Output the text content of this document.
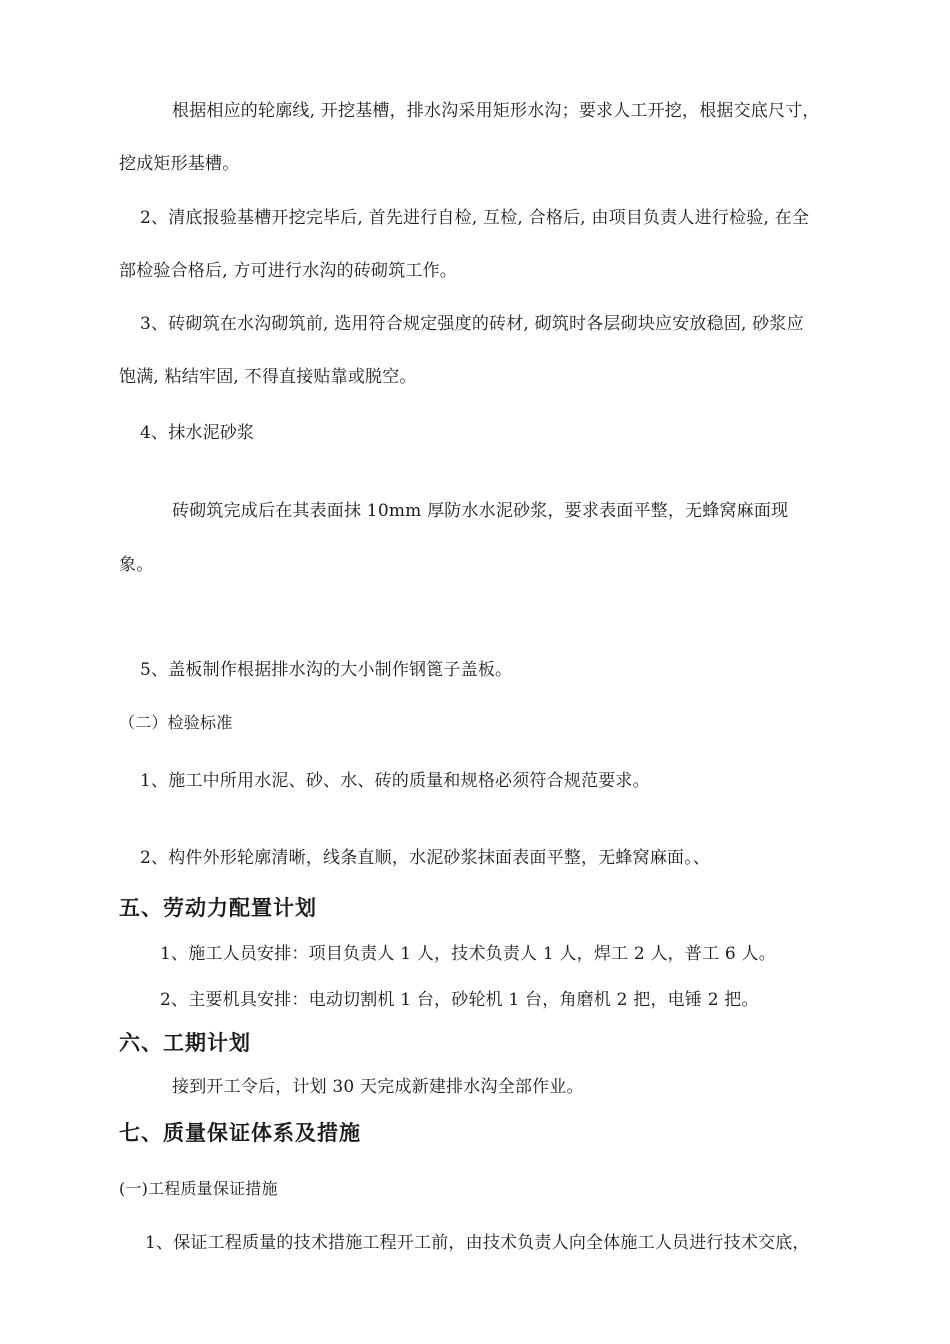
根据相应的轮廓线, 开挖基槽，排水沟采用矩形水沟；要求人工开挖，根据交底尺寸，
挖成矩形基槽。
2、清底报验基槽开挖完毕后, 首先进行自检, 互检, 合格后, 由项目负责人进行检验, 在全
部检验合格后, 方可进行水沟的砖砌筑工作。
3、砖砌筑在水沟砌筑前, 选用符合规定强度的砖材, 砌筑时各层砌块应安放稳固, 砂浆应
饱满, 粘结牢固, 不得直接贴靠或脱空。
4、抹水泥砂浆
砖砌筑完成后在其表面抹 10mm 厚防水水泥砂浆，要求表面平整，无蜂窝麻面现
象。
5、盖板制作根据排水沟的大小制作钢篦子盖板。
（二）检验标准
1、施工中所用水泥、砂、水、砖的质量和规格必须符合规范要求。
2、构件外形轮廓清晰，线条直顺，水泥砂浆抹面表面平整，无蜂窝麻面。、
五、劳动力配置计划
1、施工人员安排：项目负责人 1 人，技术负责人 1 人，焊工 2 人，普工 6 人。
2、主要机具安排：电动切割机 1 台，砂轮机 1 台，角磨机 2 把，电锤 2 把。
六、工期计划
接到开工令后，计划 30 天完成新建排水沟全部作业。
七、质量保证体系及措施
(一)工程质量保证措施
1、保证工程质量的技术措施工程开工前，由技术负责人向全体施工人员进行技术交底，
